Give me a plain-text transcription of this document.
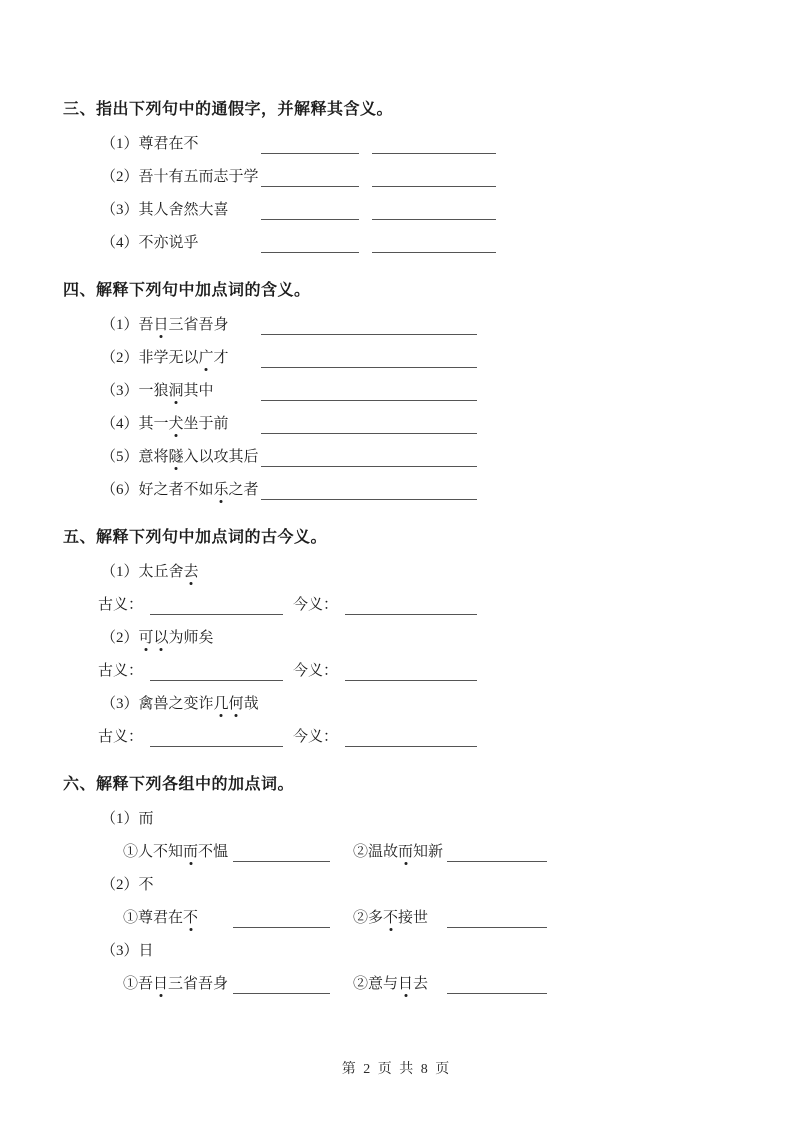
三、指出下列句中的通假字，并解释其含义。
（1）尊君在不
（2）吾十有五而志于学
（3）其人舍然大喜
（4）不亦说乎
四、解释下列句中加点词的含义。
（1）吾日三省吾身
（2）非学无以广才
（3）一狼洞其中
（4）其一犬坐于前
（5）意将隧入以攻其后
（6）好之者不如乐之者
五、解释下列句中加点词的古今义。
（1）太丘舍去
古义：	今义：
（2）可以为师矣
古义：	今义：
（3）禽兽之变诈几何哉
古义：	今义：
六、解释下列各组中的加点词。
（1）而
①人不知而不愠	②温故而知新
（2）不
①尊君在不	②多不接世
（3）日
①吾日三省吾身	②意与日去
第 2 页 共 8 页
